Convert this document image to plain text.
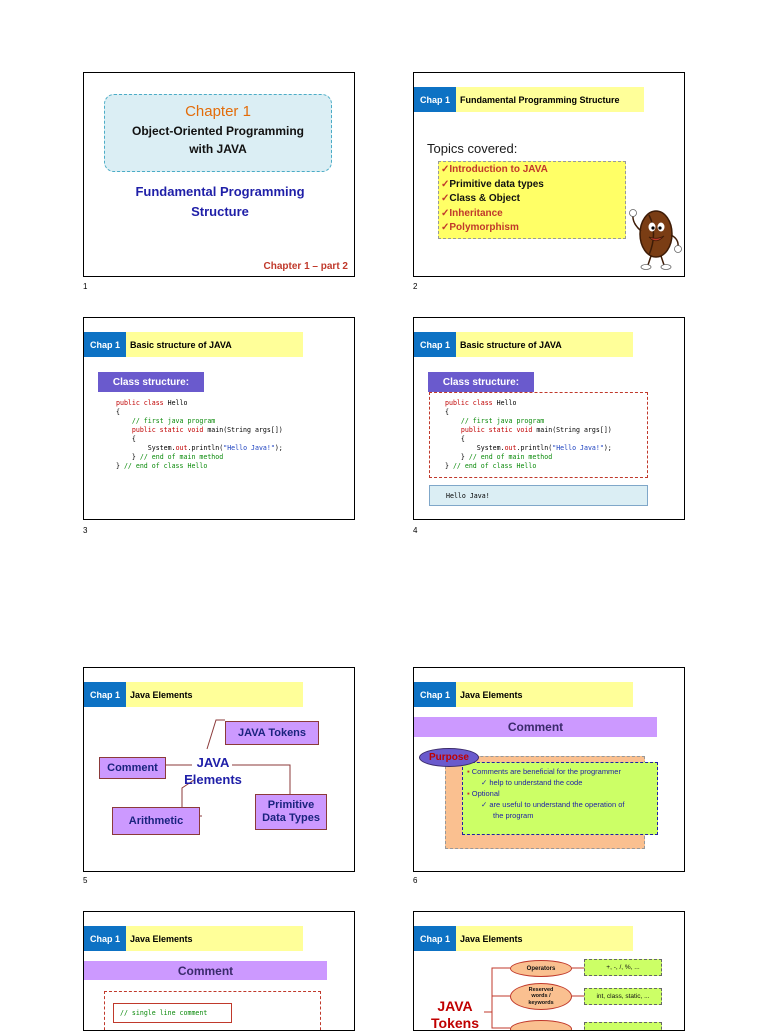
Chapter 1
Object-Oriented Programming
with JAVA
Fundamental Programming
Structure
Chapter 1 – part 2
1
Chap 1	Fundamental Programming Structure
Topics covered:
✓Introduction to JAVA
✓Primitive data types
✓Class & Object
✓Inheritance
✓Polymorphism
2
Chap 1	Basic structure of JAVA
Class structure:
public class Hello
{
// first java program
public static void main(String args[])
{
System.out.println("Hello Java!");
} // end of main method
} // end of class Hello
3
Chap 1	Basic structure of JAVA
Class structure:
public class Hello
{
// first java program
public static void main(String args[])
{
System.out.println("Hello Java!");
} // end of main method
} // end of class Hello
Hello Java!
4
Chap 1	Java Elements
JAVA Tokens
Comment	JAVA
Elements
Primitive
Data Types
Arithmetic
5
Chap 1	Java Elements
Comment
▪ Comments are beneficial for the programmer
✓ help to understand the code
▪ Optional
✓ are useful to understand the operation of
the program
Purpose
6
Chap 1	Java Elements
Comment
// single line comment
Chap 1	Java Elements
JAVA
Tokens
Operators	+, -, /, %, ...
Reserved
words /
keywords
int, class, static, ...
